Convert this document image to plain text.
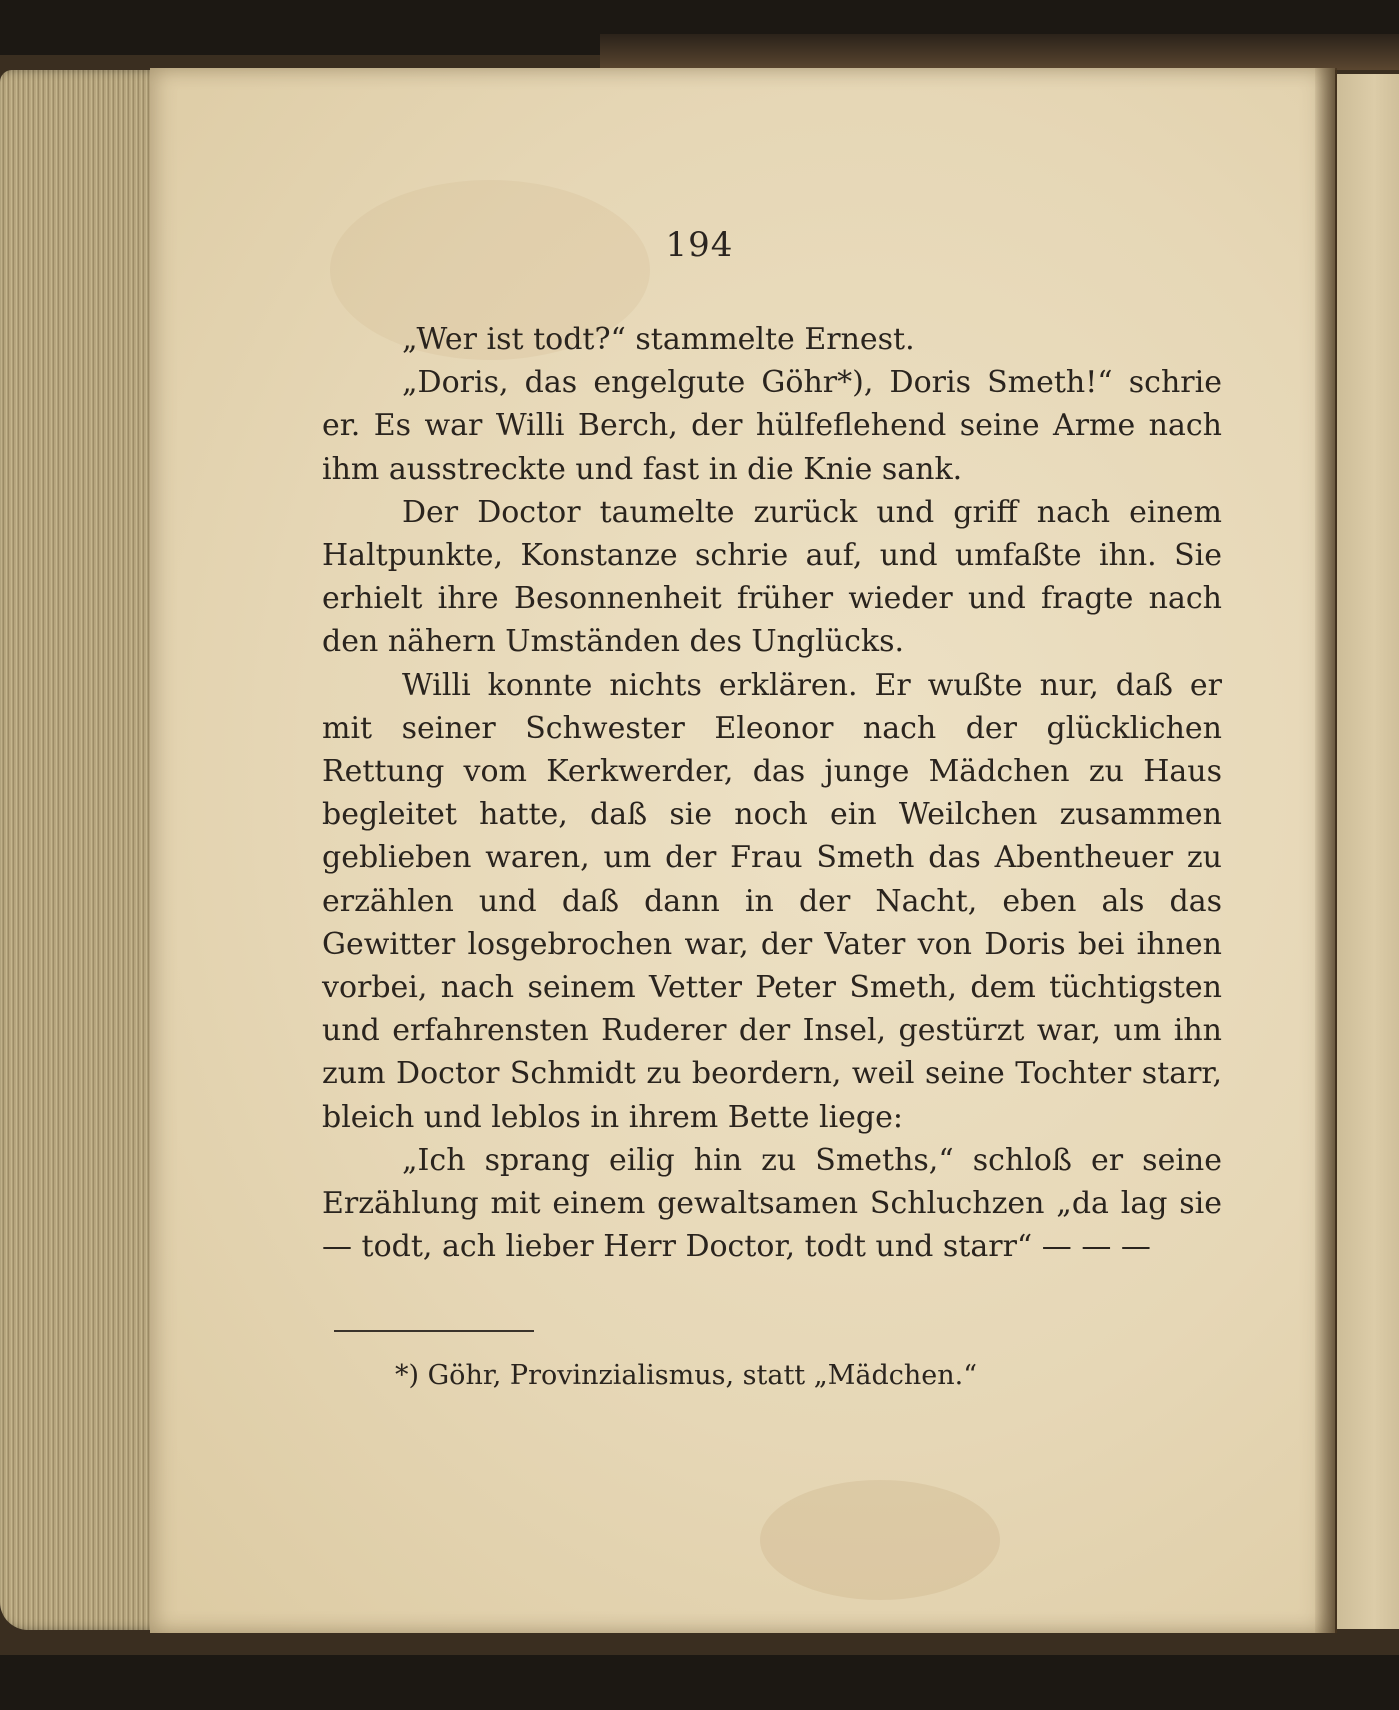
194

„Wer ist todt?“ stammelte Ernest.

„Doris, das engelgute Göhr*), Doris Smeth!“ schrie er. Es war Willi Berch, der hülfeflehend seine Arme nach ihm ausstreckte und fast in die Knie sank.

Der Doctor taumelte zurück und griff nach einem Haltpunkte, Konstanze schrie auf, und umfaßte ihn. Sie erhielt ihre Besonnenheit früher wieder und fragte nach den nähern Umständen des Unglücks.

Willi konnte nichts erklären. Er wußte nur, daß er mit seiner Schwester Eleonor nach der glücklichen Rettung vom Kerkwerder, das junge Mädchen zu Haus begleitet hatte, daß sie noch ein Weilchen zusammen geblieben waren, um der Frau Smeth das Abentheuer zu erzählen und daß dann in der Nacht, eben als das Gewitter losgebrochen war, der Vater von Doris bei ihnen vorbei, nach seinem Vetter Peter Smeth, dem tüchtigsten und erfahrensten Ruderer der Insel, gestürzt war, um ihn zum Doctor Schmidt zu beordern, weil seine Tochter starr, bleich und leblos in ihrem Bette liege:

„Ich sprang eilig hin zu Smeths,“ schloß er seine Erzählung mit einem gewaltsamen Schluchzen „da lag sie — todt, ach lieber Herr Doctor, todt und starr“ — — —

*) Göhr, Provinzialismus, statt „Mädchen.“
